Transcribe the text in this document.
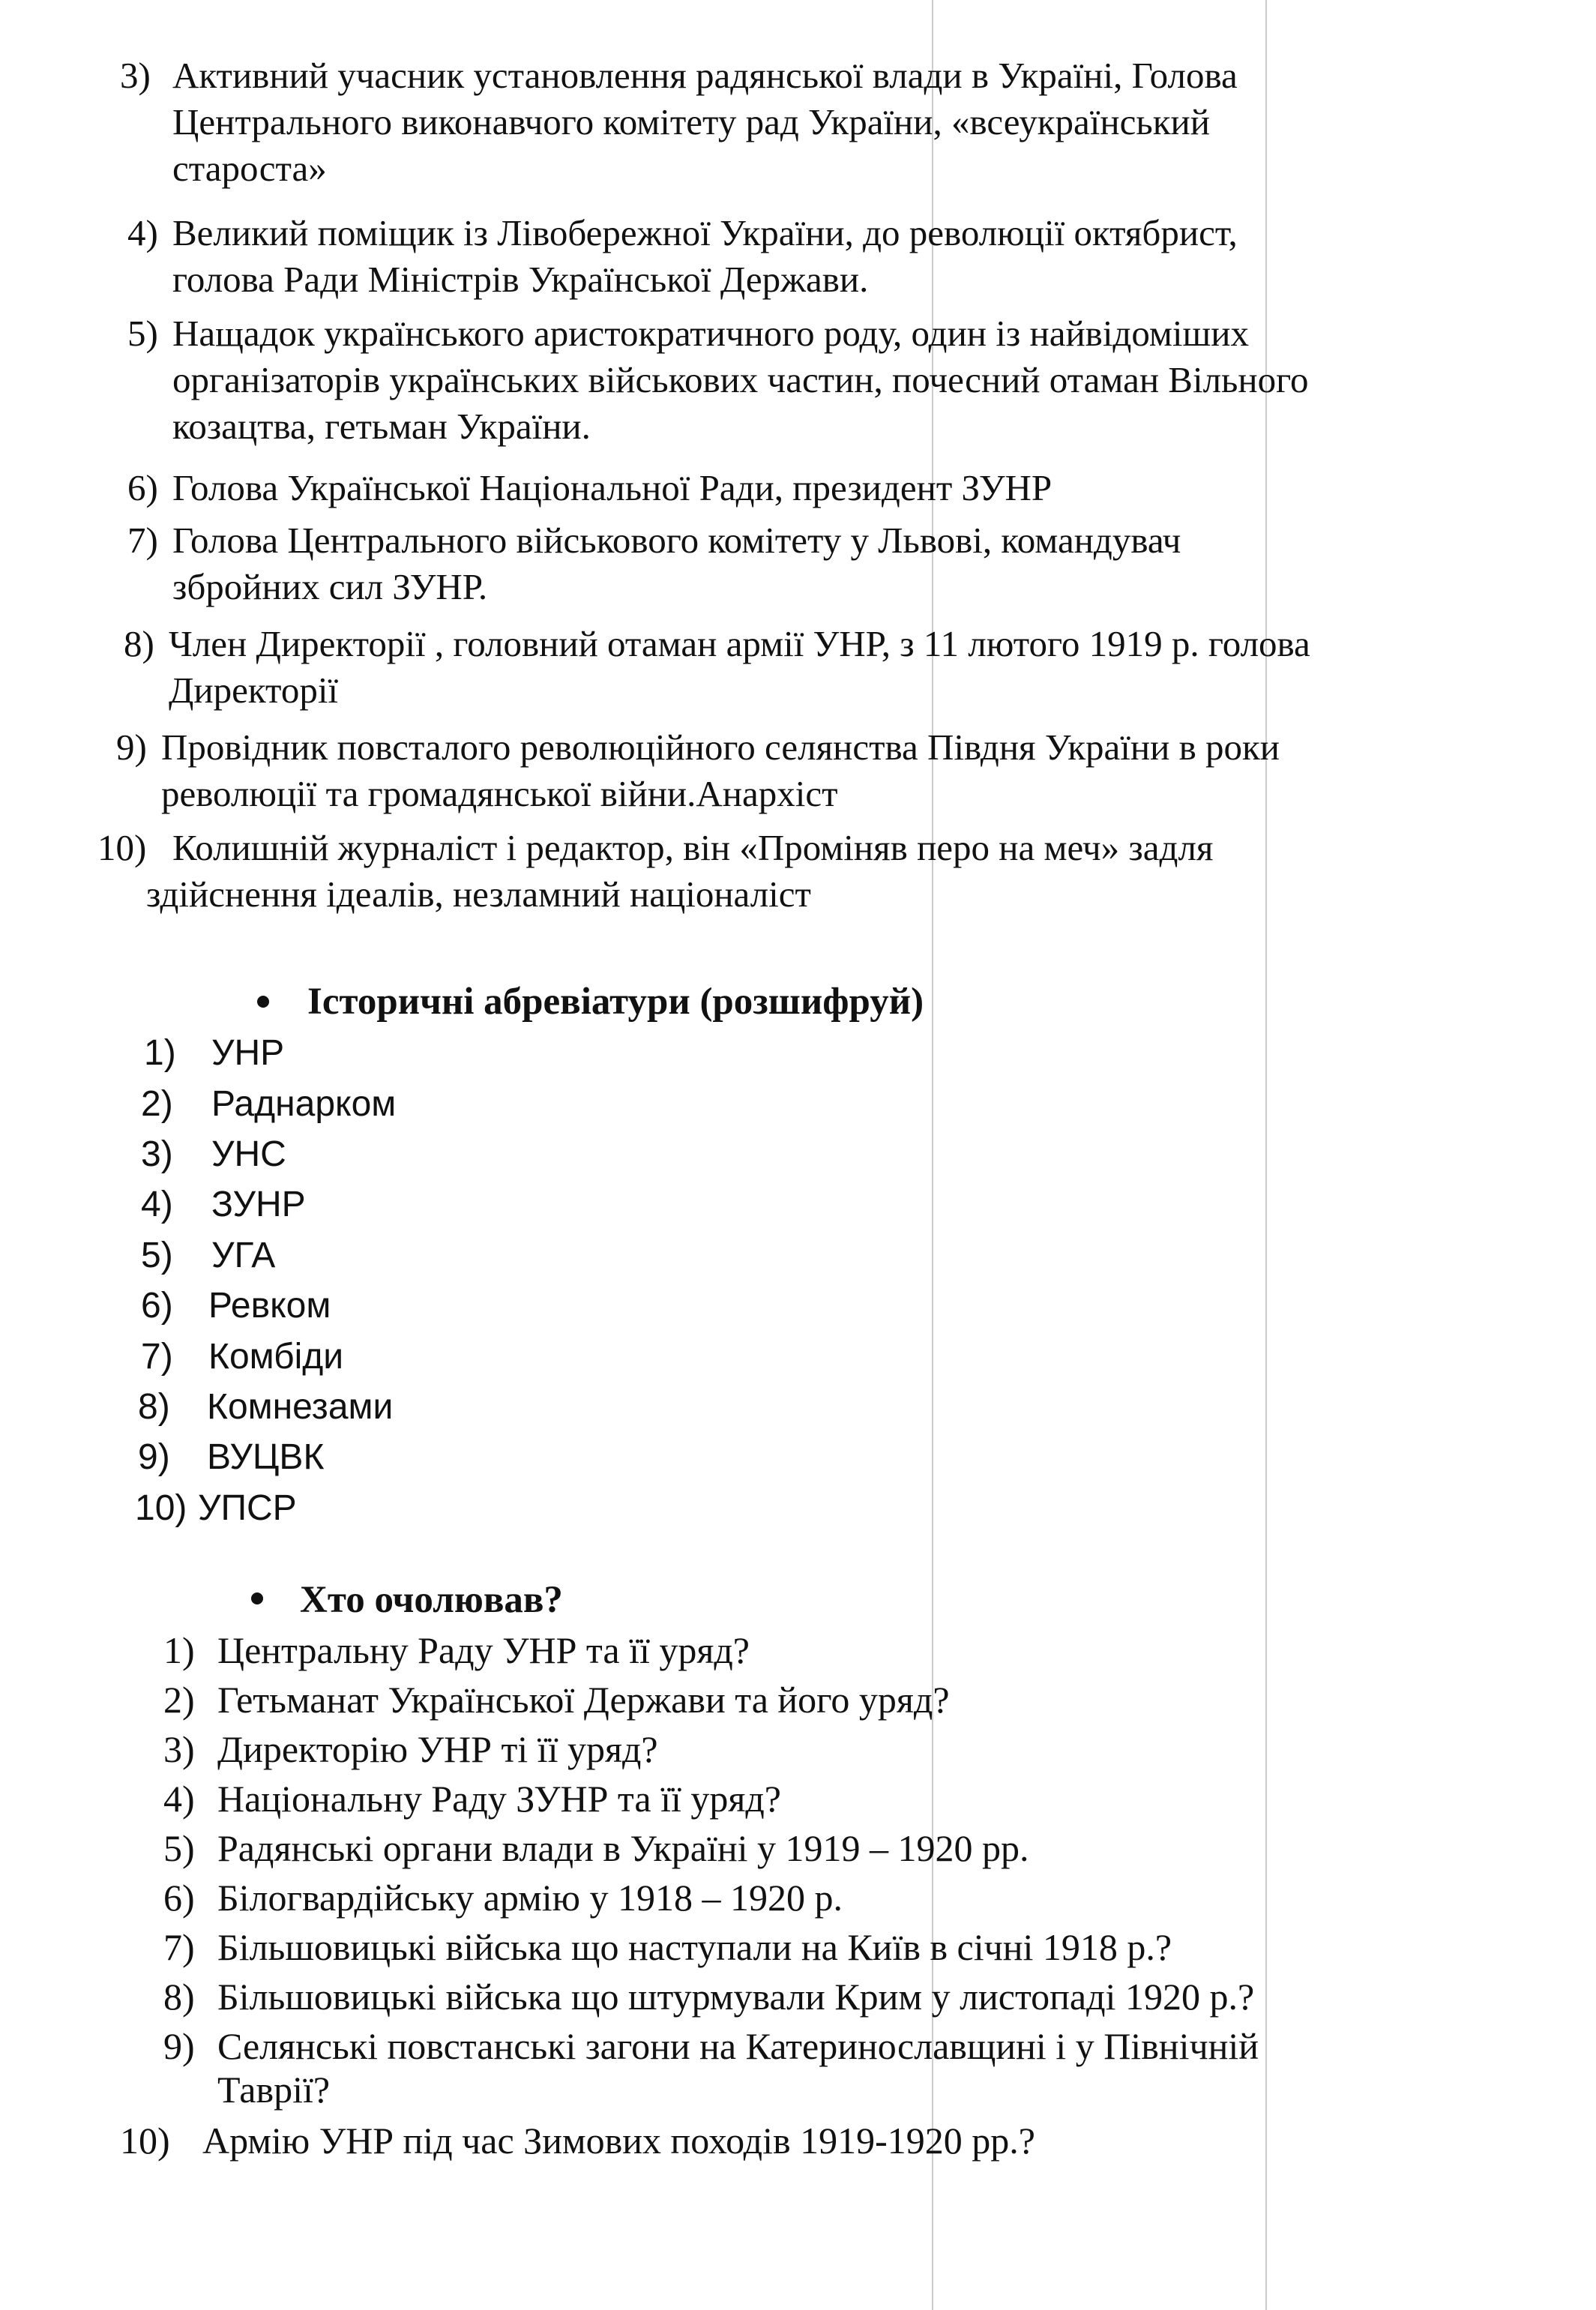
3) Активний учасник установлення радянської влади в Україні, Голова
Центрального виконавчого комітету рад України, «всеукраїнський
староста»
4) Великий поміщик із Лівобережної України, до революції октябрист,
голова Ради Міністрів Української Держави.
5) Нащадок українського аристократичного роду, один із найвідоміших
організаторів українських військових частин, почесний отаман Вільного
козацтва, гетьман України.
6) Голова Української Національної Ради, президент ЗУНР
7) Голова Центрального військового комітету у Львові, командувач
збройних сил ЗУНР.
8) Член Директорії , головний отаман армії УНР, з 11 лютого 1919 р. голова
Директорії
9) Провідник повсталого революційного селянства Півдня України в роки
революції та громадянської війни.Анархіст
10) Колишній журналіст і редактор, він «Проміняв перо на меч» задля
здійснення ідеалів, незламний націоналіст
Історичні абревіатури (розшифруй)
1) УНР
2) Раднарком
3) УНС
4) ЗУНР
5) УГА
6) Ревком
7) Комбіди
8) Комнезами
9) ВУЦВК
10) УПСР
Хто очолював?
1) Центральну Раду УНР та її уряд?
2) Гетьманат Української Держави та його уряд?
3) Директорію УНР ті її уряд?
4) Національну Раду ЗУНР та її уряд?
5) Радянські органи влади в Україні у 1919 – 1920 рр.
6) Білогвардійську армію у 1918 – 1920 р.
7) Більшовицькі війська що наступали на Київ в січні 1918 р.?
8) Більшовицькі війська що штурмували Крим у листопаді 1920 р.?
9) Селянські повстанські загони на Катеринославщині і у Північній
Таврії?
10) Армію УНР під час Зимових походів 1919-1920 рр.?
